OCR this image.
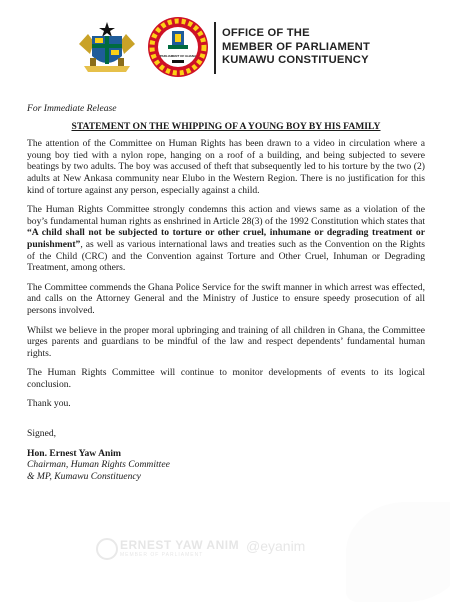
PARLIAMENT OF GHANA
OFFICE OF THE
MEMBER OF PARLIAMENT
KUMAWU CONSTITUENCY

For Immediate Release

STATEMENT ON THE WHIPPING OF A YOUNG BOY BY HIS FAMILY

The attention of the Committee on Human Rights has been drawn to a video in circulation where a young boy tied with a nylon rope, hanging on a roof of a building, and being subjected to severe beatings by two adults. The boy was accused of theft that subsequently led to his torture by the two (2) adults at New Ankasa community near Elubo in the Western Region. There is no justification for this kind of torture against any person, especially against a child.

The Human Rights Committee strongly condemns this action and views same as a violation of the boy’s fundamental human rights as enshrined in Article 28(3) of the 1992 Constitution which states that “A child shall not be subjected to torture or other cruel, inhumane or degrading treatment or punishment”, as well as various international laws and treaties such as the Convention on the Rights of the Child (CRC) and the Convention against Torture and Other Cruel, Inhuman or Degrading Treatment, among others.

The Committee commends the Ghana Police Service for the swift manner in which arrest was effected, and calls on the Attorney General and the Ministry of Justice to ensure speedy prosecution of all persons involved.

Whilst we believe in the proper moral upbringing and training of all children in Ghana, the Committee urges parents and guardians to be mindful of the law and respect dependents’ fundamental human rights.

The Human Rights Committee will continue to monitor developments of events to its logical conclusion.

Thank you.

Signed,

Hon. Ernest Yaw Anim

Chairman, Human Rights Committee

& MP, Kumawu Constituency

ERNEST YAW ANIM
MEMBER OF PARLIAMENT
@eyanim
